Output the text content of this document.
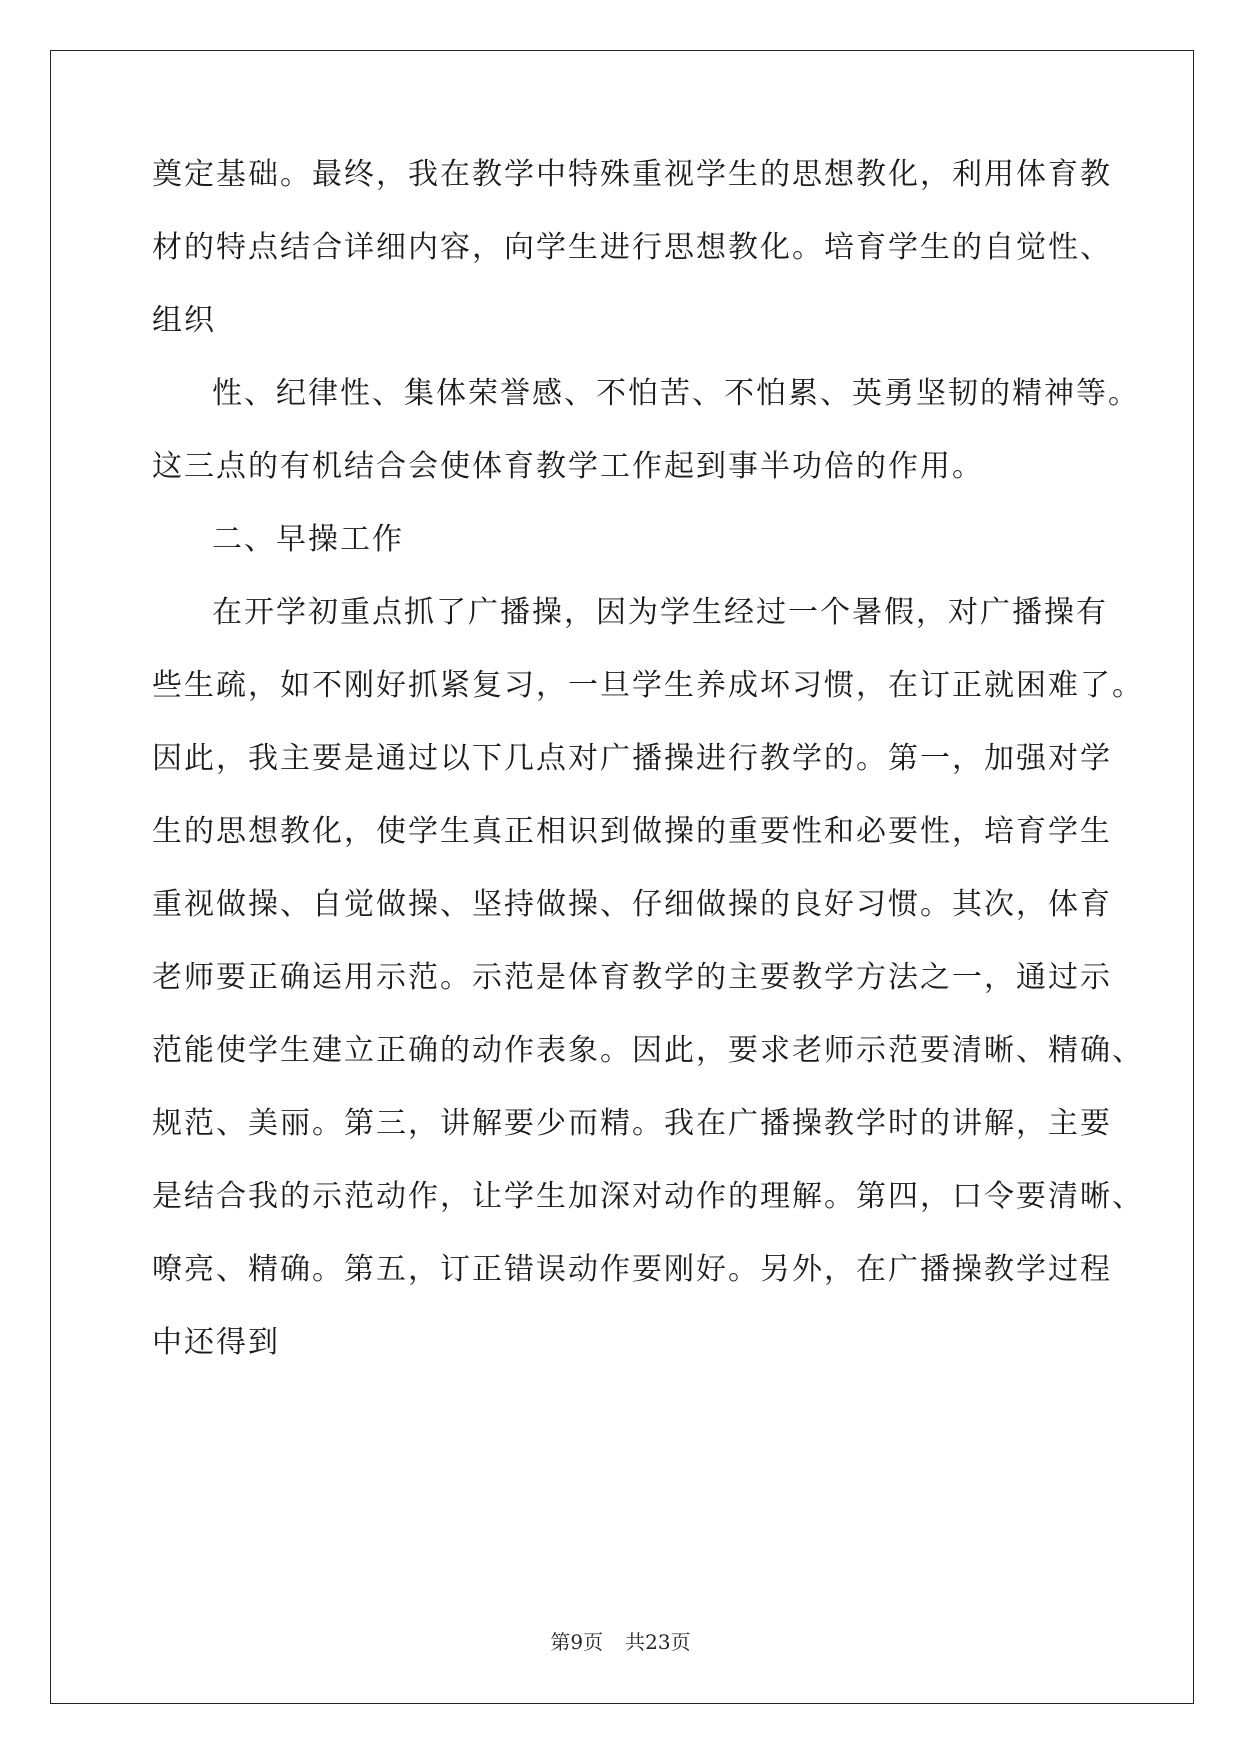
奠定基础。最终，我在教学中特殊重视学生的思想教化，利用体育教
材的特点结合详细内容，向学生进行思想教化。培育学生的自觉性、
组织
性、纪律性、集体荣誉感、不怕苦、不怕累、英勇坚韧的精神等。
这三点的有机结合会使体育教学工作起到事半功倍的作用。
二、早操工作
在开学初重点抓了广播操，因为学生经过一个暑假，对广播操有
些生疏，如不刚好抓紧复习，一旦学生养成坏习惯，在订正就困难了。
因此，我主要是通过以下几点对广播操进行教学的。第一，加强对学
生的思想教化，使学生真正相识到做操的重要性和必要性，培育学生
重视做操、自觉做操、坚持做操、仔细做操的良好习惯。其次，体育
老师要正确运用示范。示范是体育教学的主要教学方法之一，通过示
范能使学生建立正确的动作表象。因此，要求老师示范要清晰、精确、
规范、美丽。第三，讲解要少而精。我在广播操教学时的讲解，主要
是结合我的示范动作，让学生加深对动作的理解。第四，口令要清晰、
嘹亮、精确。第五，订正错误动作要刚好。另外，在广播操教学过程
中还得到
第9页 共23页
